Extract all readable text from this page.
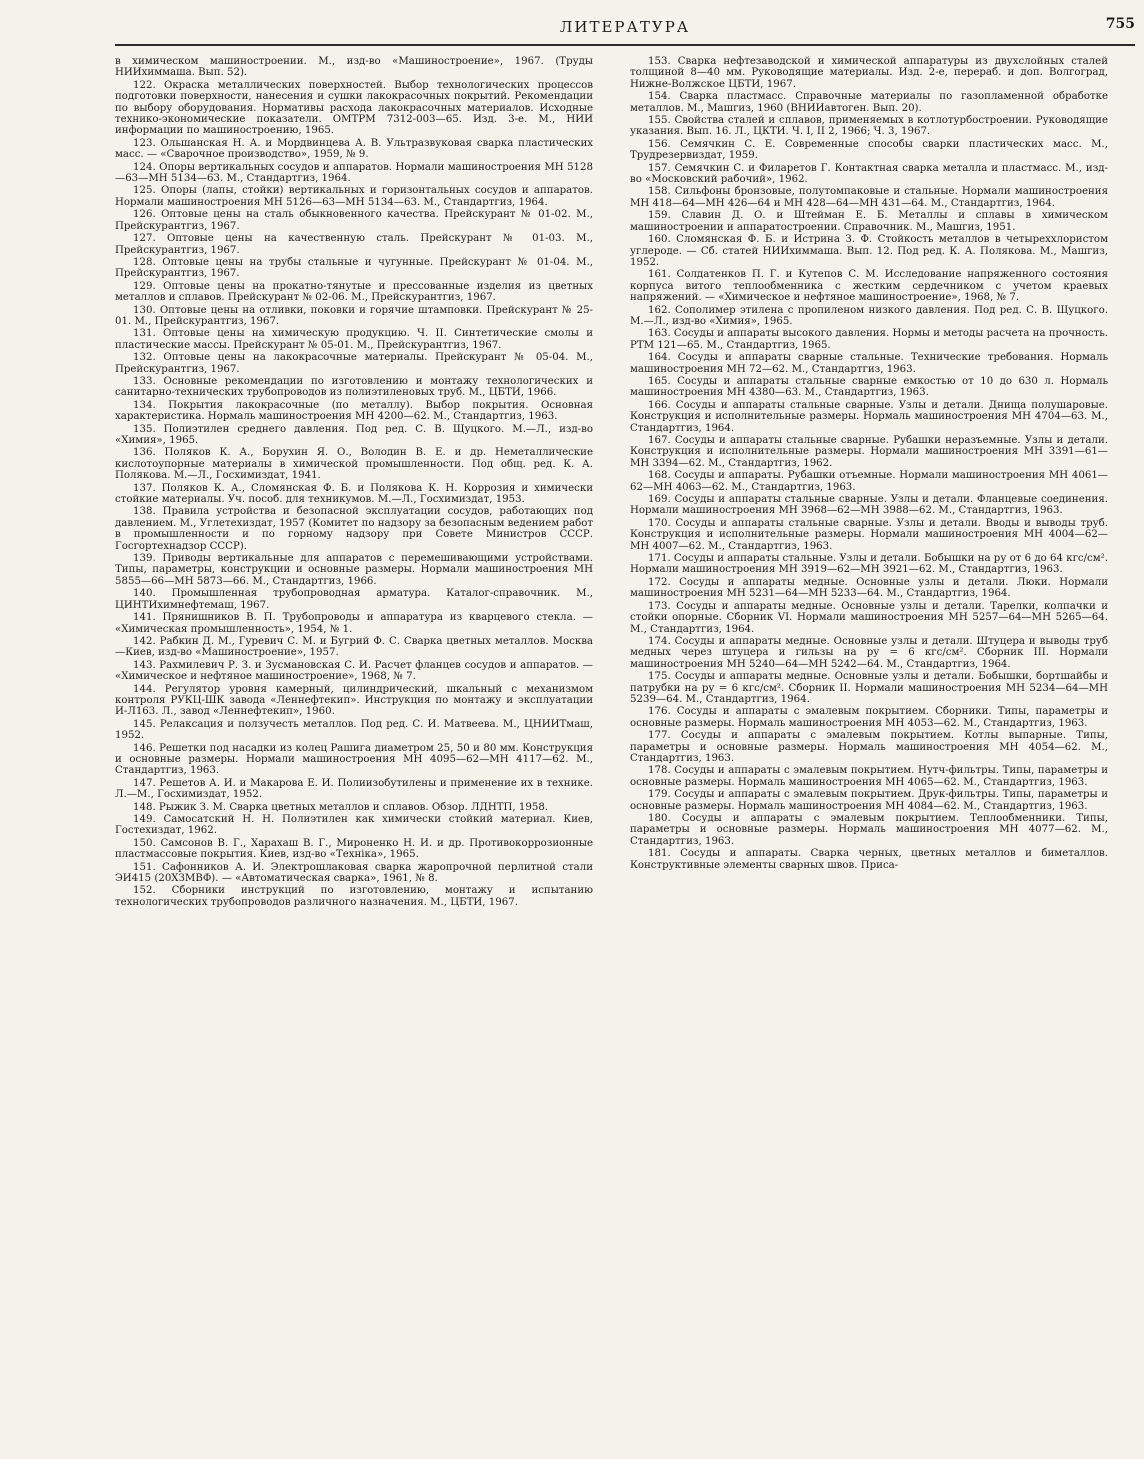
ЛИТЕРАТУРА	755

в химическом машиностроении. М., изд-во «Машиностроение», 1967. (Труды НИИхиммаша. Вып. 52).

122. Окраска металлических поверхностей. Выбор технологических процессов подготовки поверхности, нанесения и сушки лакокрасочных покрытий. Рекомендации по выбору оборудования. Нормативы расхода лакокрасочных материалов. Исходные технико-экономические показатели. ОМТРМ 7312-003—65. Изд. 3-е. М., НИИ информации по машиностроению, 1965.

123. Ольшанская Н. А. и Мордвинцева А. В. Ультразвуковая сварка пластических масс. — «Сварочное производство», 1959, № 9.

124. Опоры вертикальных сосудов и аппаратов. Нормали машиностроения МН 5128—63—МН 5134—63. М., Стандартгиз, 1964.

125. Опоры (лапы, стойки) вертикальных и горизонтальных сосудов и аппаратов. Нормали машиностроения МН 5126—63—МН 5134—63. М., Стандартгиз, 1964.

126. Оптовые цены на сталь обыкновенного качества. Прейскурант № 01-02. М., Прейскурантгиз, 1967.

127. Оптовые цены на качественную сталь. Прейскурант № 01-03. М., Прейскурантгиз, 1967.

128. Оптовые цены на трубы стальные и чугунные. Прейскурант № 01-04. М., Прейскурантгиз, 1967.

129. Оптовые цены на прокатно-тянутые и прессованные изделия из цветных металлов и сплавов. Прейскурант № 02-06. М., Прейскурантгиз, 1967.

130. Оптовые цены на отливки, поковки и горячие штамповки. Прейскурант № 25-01. М., Прейскурантгиз, 1967.

131. Оптовые цены на химическую продукцию. Ч. II. Синтетические смолы и пластические массы. Прейскурант № 05-01. М., Прейскурантгиз, 1967.

132. Оптовые цены на лакокрасочные материалы. Прейскурант № 05-04. М., Прейскурантгиз, 1967.

133. Основные рекомендации по изготовлению и монтажу технологических и санитарно-технических трубопроводов из полиэтиленовых труб. М., ЦБТИ, 1966.

134. Покрытия лакокрасочные (по металлу). Выбор покрытия. Основная характеристика. Нормаль машиностроения МН 4200—62. М., Стандартгиз, 1963.

135. Полиэтилен среднего давления. Под ред. С. В. Щуцкого. М.—Л., изд-во «Химия», 1965.

136. Поляков К. А., Борухин Я. О., Володин В. Е. и др. Неметаллические кислотоупорные материалы в химической промышленности. Под общ. ред. К. А. Полякова. М.—Л., Госхимиздат, 1941.

137. Поляков К. А., Сломянская Ф. Б. и Полякова К. Н. Коррозия и химически стойкие материалы. Уч. пособ. для техникумов. М.—Л., Госхимиздат, 1953.

138. Правила устройства и безопасной эксплуатации сосудов, работающих под давлением. М., Углетехиздат, 1957 (Комитет по надзору за безопасным ведением работ в промышленности и по горному надзору при Совете Министров СССР. Госгортехнадзор СССР).

139. Приводы вертикальные для аппаратов с перемешивающими устройствами. Типы, параметры, конструкции и основные размеры. Нормали машиностроения МН 5855—66—МН 5873—66. М., Стандартгиз, 1966.

140. Промышленная трубопроводная арматура. Каталог-справочник. М., ЦИНТИхимнефтемаш, 1967.

141. Прянишников В. П. Трубопроводы и аппаратура из кварцевого стекла. — «Химическая промышленность», 1954, № 1.

142. Рабкин Д. М., Гуревич С. М. и Бугрий Ф. С. Сварка цветных металлов. Москва—Киев, изд-во «Машиностроение», 1957.

143. Рахмилевич Р. З. и Зусмановская С. И. Расчет фланцев сосудов и аппаратов. — «Химическое и нефтяное машиностроение», 1968, № 7.

144. Регулятор уровня камерный, цилиндрический, шкальный с механизмом контроля РУКЦ-ШК завода «Леннефтекип». Инструкция по монтажу и эксплуатации И-Л163. Л., завод «Леннефтекип», 1960.

145. Релаксация и ползучесть металлов. Под ред. С. И. Матвеева. М., ЦНИИТмаш, 1952.

146. Решетки под насадки из колец Рашига диаметром 25, 50 и 80 мм. Конструкция и основные размеры. Нормали машиностроения МН 4095—62—МН 4117—62. М., Стандартгиз, 1963.

147. Решетов А. И. и Макарова Е. И. Полиизобутилены и применение их в технике. Л.—М., Госхимиздат, 1952.

148. Рыжик З. М. Сварка цветных металлов и сплавов. Обзор. ЛДНТП, 1958.

149. Самосатский Н. Н. Полиэтилен как химически стойкий материал. Киев, Гостехиздат, 1962.

150. Самсонов В. Г., Харахаш В. Г., Мироненко Н. И. и др. Противокоррозионные пластмассовые покрытия. Киев, изд-во «Техніка», 1965.

151. Сафонников А. И. Электрошлаковая сварка жаропрочной перлитной стали ЭИ415 (20ХЗМВФ). — «Автоматическая сварка», 1961, № 8.

152. Сборники инструкций по изготовлению, монтажу и испытанию технологических трубопроводов различного назначения. М., ЦБТИ, 1967.

153. Сварка нефтезаводской и химической аппаратуры из двухслойных сталей толщиной 8—40 мм. Руководящие материалы. Изд. 2-е, перераб. и доп. Волгоград, Нижне-Волжское ЦБТИ, 1967.

154. Сварка пластмасс. Справочные материалы по газопламенной обработке металлов. М., Машгиз, 1960 (ВНИИавтоген. Вып. 20).

155. Свойства сталей и сплавов, применяемых в котлотурбостроении. Руководящие указания. Вып. 16. Л., ЦКТИ. Ч. I, II 2, 1966; Ч. 3, 1967.

156. Семячкин С. Е. Современные способы сварки пластических масс. М., Трудрезервиздат, 1959.

157. Семячкин С. и Филаретов Г. Контактная сварка металла и пластмасс. М., изд-во «Московский рабочий», 1962.

158. Сильфоны бронзовые, полутомпаковые и стальные. Нормали машиностроения МН 418—64—МН 426—64 и МН 428—64—МН 431—64. М., Стандартгиз, 1964.

159. Славин Д. О. и Штейман Е. Б. Металлы и сплавы в химическом машиностроении и аппаратостроении. Справочник. М., Машгиз, 1951.

160. Сломянская Ф. Б. и Истрина З. Ф. Стойкость металлов в четыреххлористом углероде. — Сб. статей НИИхиммаша. Вып. 12. Под ред. К. А. Полякова. М., Машгиз, 1952.

161. Солдатенков П. Г. и Кутепов С. М. Исследование напряженного состояния корпуса витого теплообменника с жестким сердечником с учетом краевых напряжений. — «Химическое и нефтяное машиностроение», 1968, № 7.

162. Сополимер этилена с пропиленом низкого давления. Под ред. С. В. Щуцкого. М.—Л., изд-во «Химия», 1965.

163. Сосуды и аппараты высокого давления. Нормы и методы расчета на прочность. РТМ 121—65. М., Стандартгиз, 1965.

164. Сосуды и аппараты сварные стальные. Технические требования. Нормаль машиностроения МН 72—62. М., Стандартгиз, 1963.

165. Сосуды и аппараты стальные сварные емкостью от 10 до 630 л. Нормаль машиностроения МН 4380—63. М., Стандартгиз, 1963.

166. Сосуды и аппараты стальные сварные. Узлы и детали. Днища полушаровые. Конструкция и исполнительные размеры. Нормаль машиностроения МН 4704—63. М., Стандартгиз, 1964.

167. Сосуды и аппараты стальные сварные. Рубашки неразъемные. Узлы и детали. Конструкция и исполнительные размеры. Нормали машиностроения МН 3391—61—МН 3394—62. М., Стандартгиз, 1962.

168. Сосуды и аппараты. Рубашки отъемные. Нормали машиностроения МН 4061—62—МН 4063—62. М., Стандартгиз, 1963.

169. Сосуды и аппараты стальные сварные. Узлы и детали. Фланцевые соединения. Нормали машиностроения МН 3968—62—МН 3988—62. М., Стандартгиз, 1963.

170. Сосуды и аппараты стальные сварные. Узлы и детали. Вводы и выводы труб. Конструкция и исполнительные размеры. Нормали машиностроения МН 4004—62—МН 4007—62. М., Стандартгиз, 1963.

171. Сосуды и аппараты стальные. Узлы и детали. Бобышки на pу от 6 до 64 кгс/см². Нормали машиностроения МН 3919—62—МН 3921—62. М., Стандартгиз, 1963.

172. Сосуды и аппараты медные. Основные узлы и детали. Люки. Нормали машиностроения МН 5231—64—МН 5233—64. М., Стандартгиз, 1964.

173. Сосуды и аппараты медные. Основные узлы и детали. Тарелки, колпачки и стойки опорные. Сборник VI. Нормали машиностроения МН 5257—64—МН 5265—64. М., Стандартгиз, 1964.

174. Сосуды и аппараты медные. Основные узлы и детали. Штуцера и выводы труб медных через штуцера и гильзы на pу = 6 кгс/см². Сборник III. Нормали машиностроения МН 5240—64—МН 5242—64. М., Стандартгиз, 1964.

175. Сосуды и аппараты медные. Основные узлы и детали. Бобышки, бортшайбы и патрубки на pу = 6 кгс/см². Сборник II. Нормали машиностроения МН 5234—64—МН 5239—64. М., Стандартгиз, 1964.

176. Сосуды и аппараты с эмалевым покрытием. Сборники. Типы, параметры и основные размеры. Нормаль машиностроения МН 4053—62. М., Стандартгиз, 1963.

177. Сосуды и аппараты с эмалевым покрытием. Котлы выпарные. Типы, параметры и основные размеры. Нормаль машиностроения МН 4054—62. М., Стандартгиз, 1963.

178. Сосуды и аппараты с эмалевым покрытием. Нутч-фильтры. Типы, параметры и основные размеры. Нормаль машиностроения МН 4065—62. М., Стандартгиз, 1963.

179. Сосуды и аппараты с эмалевым покрытием. Друк-фильтры. Типы, параметры и основные размеры. Нормаль машиностроения МН 4084—62. М., Стандартгиз, 1963.

180. Сосуды и аппараты с эмалевым покрытием. Теплообменники. Типы, параметры и основные размеры. Нормаль машиностроения МН 4077—62. М., Стандартгиз, 1963.

181. Сосуды и аппараты. Сварка черных, цветных металлов и биметаллов. Конструктивные элементы сварных швов. Приса-
